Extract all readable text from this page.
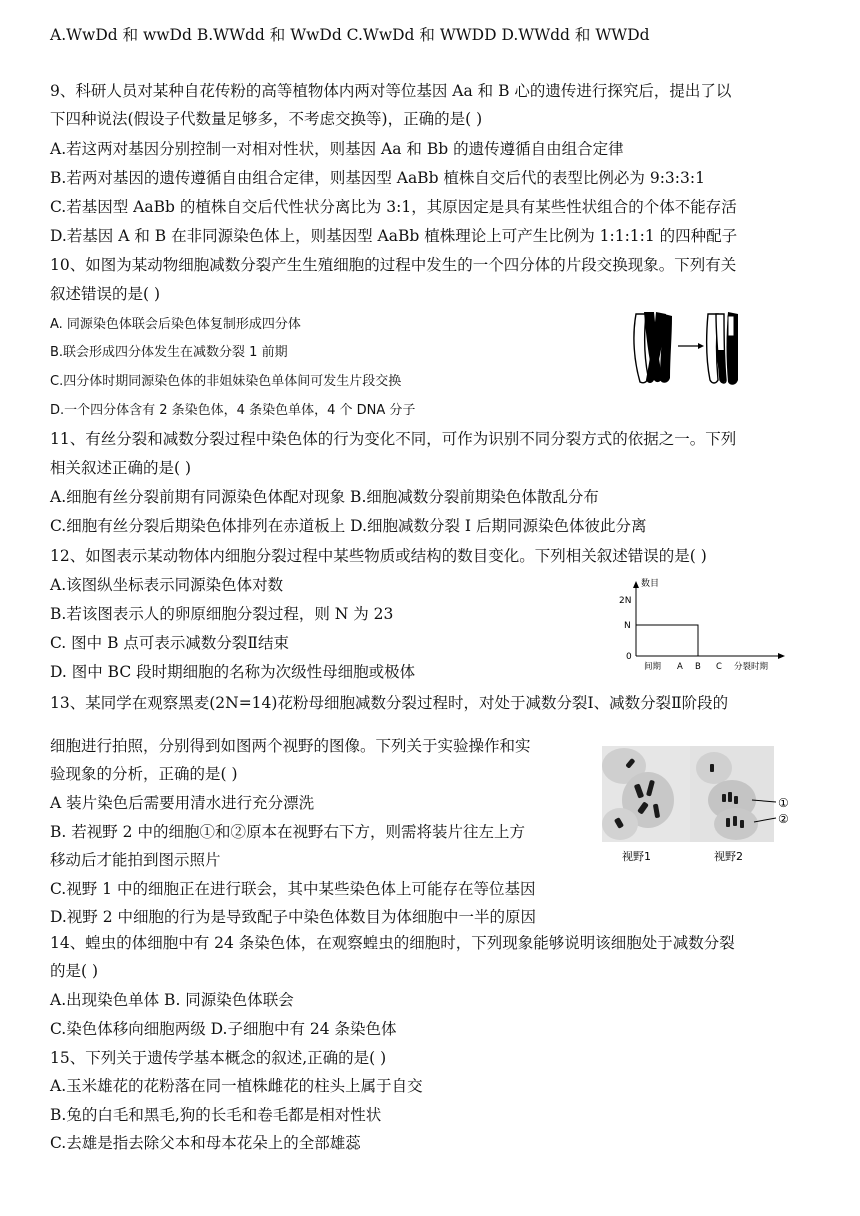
A.WwDd 和 wwDd B.WWdd 和 WwDd C.WwDd 和 WWDD D.WWdd 和 WWDd
9、科研人员对某种自花传粉的高等植物体内两对等位基因 Aa 和 B 心的遗传进行探究后，提出了以
下四种说法(假设子代数量足够多，不考虑交换等)，正确的是( )
A.若这两对基因分别控制一对相对性状，则基因 Aa 和 Bb 的遗传遵循自由组合定律
B.若两对基因的遗传遵循自由组合定律，则基因型 AaBb 植株自交后代的表型比例必为 9:3:3:1
C.若基因型 AaBb 的植株自交后代性状分离比为 3:1，其原因定是具有某些性状组合的个体不能存活
D.若基因 A 和 B 在非同源染色体上，则基因型 AaBb 植株理论上可产生比例为 1:1:1:1 的四种配子
10、如图为某动物细胞减数分裂产生生殖细胞的过程中发生的一个四分体的片段交换现象。下列有关
叙述错误的是( )
A. 同源染色体联会后染色体复制形成四分体
B.联会形成四分体发生在减数分裂 1 前期
C.四分体时期同源染色体的非姐妹染色单体间可发生片段交换
D.一个四分体含有 2 条染色体，4 条染色单体，4 个 DNA 分子
11、有丝分裂和减数分裂过程中染色体的行为变化不同，可作为识别不同分裂方式的依据之一。下列
相关叙述正确的是( )
A.细胞有丝分裂前期有同源染色体配对现象 B.细胞减数分裂前期染色体散乱分布
C.细胞有丝分裂后期染色体排列在赤道板上 D.细胞减数分裂 I 后期同源染色体彼此分离
12、如图表示某动物体内细胞分裂过程中某些物质或结构的数目变化。下列相关叙述错误的是( )
A.该图纵坐标表示同源染色体对数
B.若该图表示人的卵原细胞分裂过程，则 N 为 23
C. 图中 B 点可表示减数分裂Ⅱ结束
D. 图中 BC 段时期细胞的名称为次级性母细胞或极体
数目
2N
N
0
间期 A B C 分裂时期
13、某同学在观察黑麦(2N=14)花粉母细胞减数分裂过程时，对处于减数分裂Ⅰ、减数分裂Ⅱ阶段的
细胞进行拍照，分别得到如图两个视野的图像。下列关于实验操作和实
验现象的分析，正确的是( )
A 装片染色后需要用清水进行充分漂洗
B. 若视野 2 中的细胞①和②原本在视野右下方，则需将装片往左上方
移动后才能拍到图示照片
C.视野 1 中的细胞正在进行联会，其中某些染色体上可能存在等位基因
D.视野 2 中细胞的行为是导致配子中染色体数目为体细胞中一半的原因
①
②
视野1	视野2
14、蝗虫的体细胞中有 24 条染色体，在观察蝗虫的细胞时，下列现象能够说明该细胞处于减数分裂
的是( )
A.出现染色单体 B. 同源染色体联会
C.染色体移向细胞两级 D.子细胞中有 24 条染色体
15、下列关于遗传学基本概念的叙述,正确的是( )
A.玉米雄花的花粉落在同一植株雌花的柱头上属于自交
B.兔的白毛和黑毛,狗的长毛和卷毛都是相对性状
C.去雄是指去除父本和母本花朵上的全部雄蕊
